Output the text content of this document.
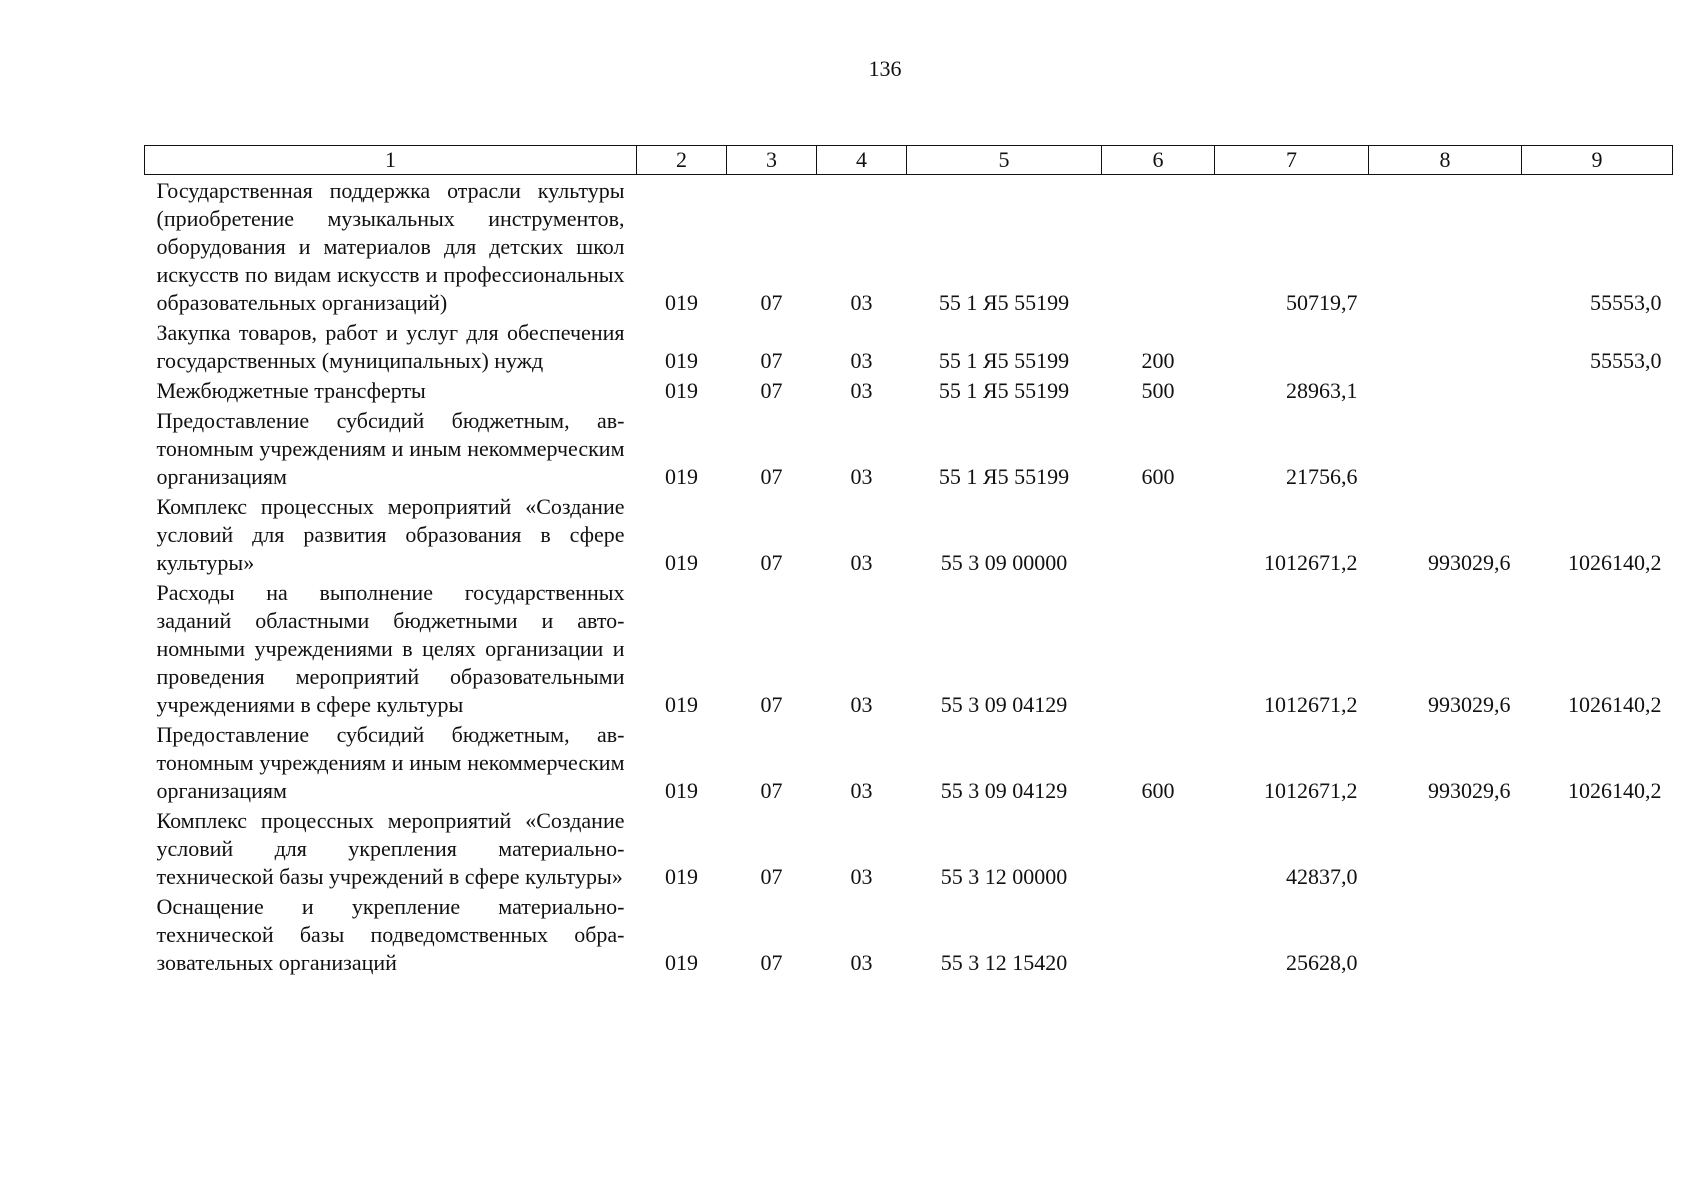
136
1	2	3	4	5	6	7	8	9
Государственная поддержка отрасли культуры (приобретение музыкальных инструментов, оборудования и материалов для детских школ искусств по видам искусств и профессиональных образовательных организаций)	019	07	03	55 1 Я5 55199		50719,7		55553,0
Закупка товаров, работ и услуг для обеспечения государственных (муниципальных) нужд	019	07	03	55 1 Я5 55199	200			55553,0
Межбюджетные трансферты	019	07	03	55 1 Я5 55199	500	28963,1		
Предоставление субсидий бюджетным, автономным учреждениям и иным некоммерческим организациям	019	07	03	55 1 Я5 55199	600	21756,6		
Комплекс процессных мероприятий «Создание условий для развития образования в сфере культуры»	019	07	03	55 3 09 00000		1012671,2	993029,6	1026140,2
Расходы на выполнение государственных заданий областными бюджетными и автономными учреждениями в целях организации и проведения мероприятий образовательными учреждениями в сфере культуры	019	07	03	55 3 09 04129		1012671,2	993029,6	1026140,2
Предоставление субсидий бюджетным, автономным учреждениям и иным некоммерческим организациям	019	07	03	55 3 09 04129	600	1012671,2	993029,6	1026140,2
Комплекс процессных мероприятий «Создание условий для укрепления материально-технической базы учреждений в сфере культуры»	019	07	03	55 3 12 00000		42837,0		
Оснащение и укрепление материально-технической базы подведомственных образовательных организаций	019	07	03	55 3 12 15420		25628,0		
